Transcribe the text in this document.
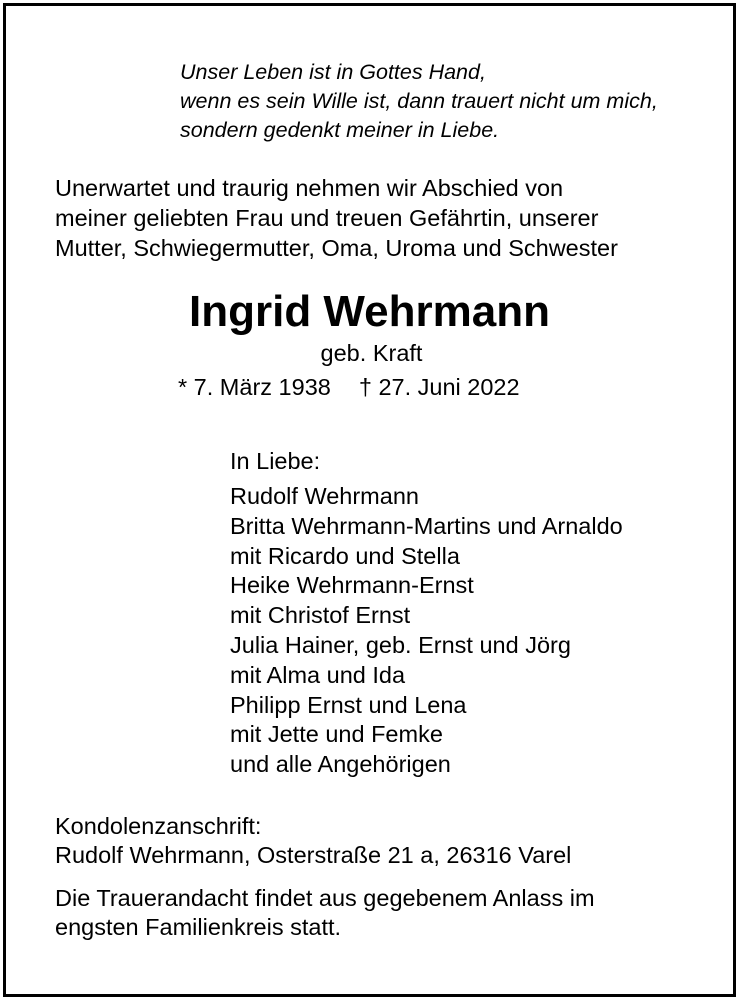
Unser Leben ist in Gottes Hand,
wenn es sein Wille ist, dann trauert nicht um mich,
sondern gedenkt meiner in Liebe.
Unerwartet und traurig nehmen wir Abschied von
meiner geliebten Frau und treuen Gefährtin, unserer
Mutter, Schwiegermutter, Oma, Uroma und Schwester
Ingrid Wehrmann
geb. Kraft
* 7. März 1938 † 27. Juni 2022
In Liebe:
Rudolf Wehrmann
Britta Wehrmann-Martins und Arnaldo
mit Ricardo und Stella
Heike Wehrmann-Ernst
mit Christof Ernst
Julia Hainer, geb. Ernst und Jörg
mit Alma und Ida
Philipp Ernst und Lena
mit Jette und Femke
und alle Angehörigen
Kondolenzanschrift:
Rudolf Wehrmann, Osterstraße 21 a, 26316 Varel
Die Trauerandacht findet aus gegebenem Anlass im
engsten Familienkreis statt.
